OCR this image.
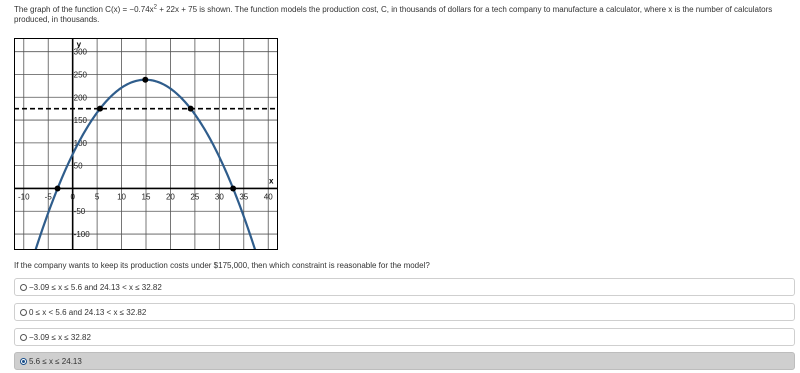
The graph of the function $C(x) = -0.74x^2 + 22x + 75$ is shown. The function models the production cost, C, in thousands of dollars for a tech company to manufacture a calculator, where x is the number of calculators produced, in thousands.
x
y
-10 -5 0 5 10 15 20 25 30 35 40
-100
-50
50
100
150
200
250
300
If the company wants to keep its production costs under $175,000, then which constraint is reasonable for the model?
−3.09 ≤ x ≤ 5.6 and 24.13 < x ≤ 32.82
0 ≤ x < 5.6 and 24.13 < x ≤ 32.82
−3.09 ≤ x ≤ 32.82
5.6 ≤ x ≤ 24.13
